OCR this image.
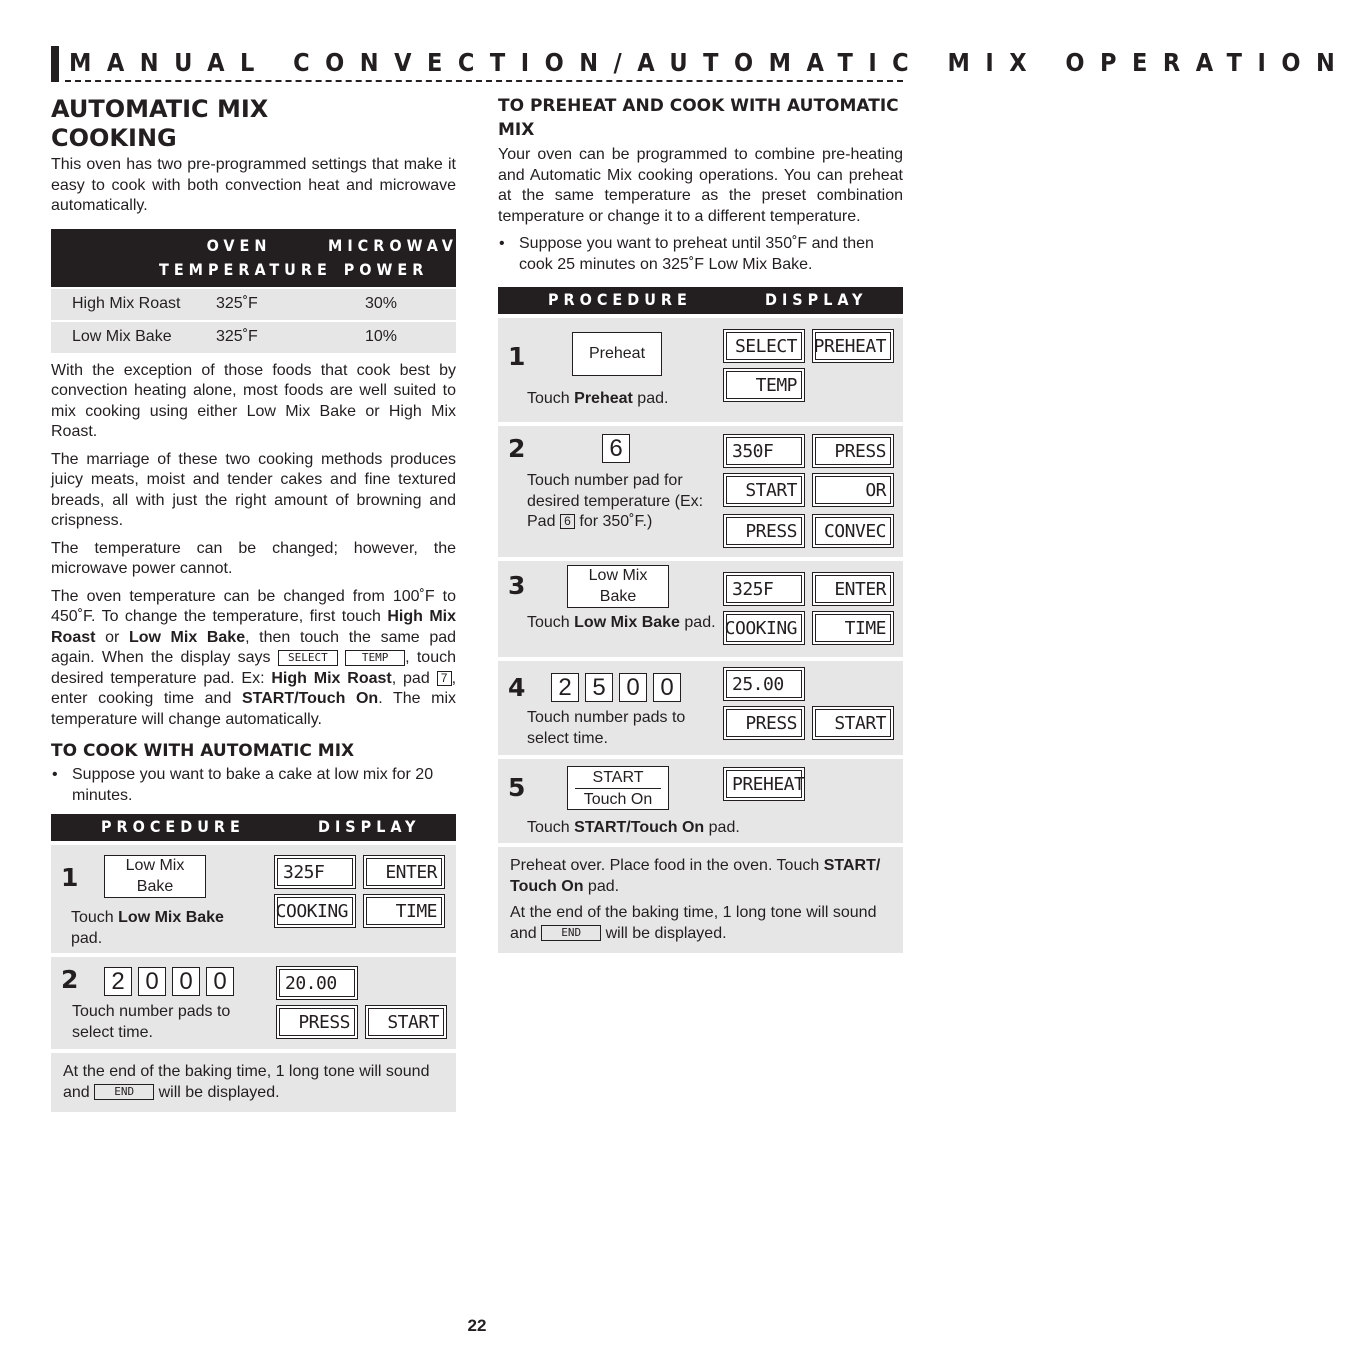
MANUAL CONVECTION/AUTOMATIC MIX OPERATION
AUTOMATIC MIX
COOKING

This oven has two pre-programmed settings that make it easy to cook with both convection heat and microwave automatically.

OVEN
TEMPERATURE
MICROWAVE
POWER
High Mix Roast 325˚F	30%
Low Mix Bake	325˚F	10%

With the exception of those foods that cook best by convection heating alone, most foods are well suited to mix cooking using either Low Mix Bake or High Mix Roast.

The marriage of these two cooking methods produces juicy meats, moist and tender cakes and fine textured breads, all with just the right amount of browning and crispness.

The temperature can be changed; however, the microwave power cannot.

The oven temperature can be changed from 100˚F to 450˚F. To change the temperature, first touch High Mix Roast or Low Mix Bake, then touch the same pad again. When the display says SELECT	TEMP , touch desired temperature pad. Ex: High Mix Roast, pad 7 , enter cooking time and START/Touch On. The mix temperature will change automatically.

TO COOK WITH AUTOMATIC MIX
• Suppose you want to bake a cake at low mix for 20 minutes.
PROCEDURE	DISPLAY
1	Low Mix Bake
Touch Low Mix Bake pad.
325F	ENTER
COOKING	TIME
2	2 0 0 0
Touch number pads to select time.
20.00
PRESS	START
At the end of the baking time, 1 long tone will sound and END will be displayed.
TO PREHEAT AND COOK WITH AUTOMATIC MIX

Your oven can be programmed to combine pre-heating and Automatic Mix cooking operations. You can preheat at the same temperature as the preset combination temperature or change it to a different temperature.

• Suppose you want to preheat until 350˚F and then cook 25 minutes on 325˚F Low Mix Bake.
PROCEDURE	DISPLAY
1	Preheat
Touch Preheat pad.
SELECT PREHEAT
TEMP
2	6
Touch number pad for desired temperature (Ex: Pad 6 for 350˚F.)
350F	PRESS
START	OR
PRESS	CONVEC
3	Low Mix Bake
Touch Low Mix Bake pad.
325F	ENTER
COOKING	TIME
4	2 5 0 0
Touch number pads to select time.
25.00
PRESS	START
5	START
Touch On
Touch START/Touch On pad.
PREHEAT

Preheat over. Place food in the oven. Touch START/ Touch On pad.

At the end of the baking time, 1 long tone will sound and END will be displayed.

22
